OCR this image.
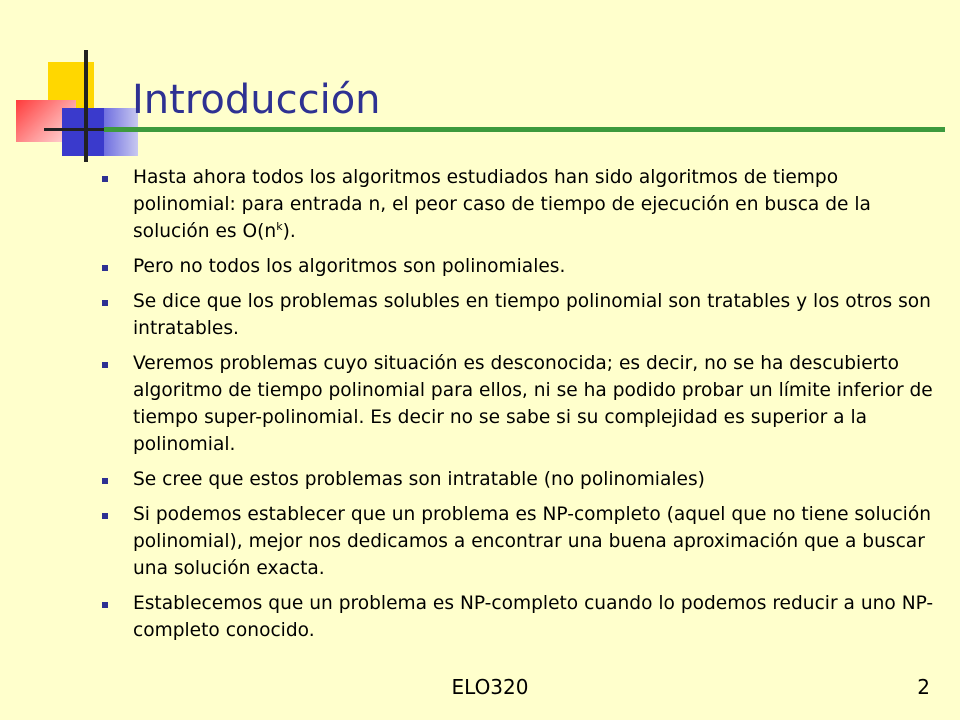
Introducción
Hasta ahora todos los algoritmos estudiados han sido algoritmos de tiempo polinomial: para entrada n, el peor caso de tiempo de ejecución en busca de la solución es $O(n^k)$.
Pero no todos los algoritmos son polinomiales.
Se dice que los problemas solubles en tiempo polinomial son tratables y los otros son intratables.
Veremos problemas cuyo situación es desconocida; es decir, no se ha descubierto algoritmo de tiempo polinomial para ellos, ni se ha podido probar un límite inferior de tiempo super-polinomial. Es decir no se sabe si su complejidad es superior a la polinomial.
Se cree que estos problemas son intratable (no polinomiales)
Si podemos establecer que un problema es NP-completo (aquel que no tiene solución polinomial), mejor nos dedicamos a encontrar una buena aproximación que a buscar una solución exacta.
Establecemos que un problema es NP-completo cuando lo podemos reducir a uno NP-completo conocido.
ELO320	2
